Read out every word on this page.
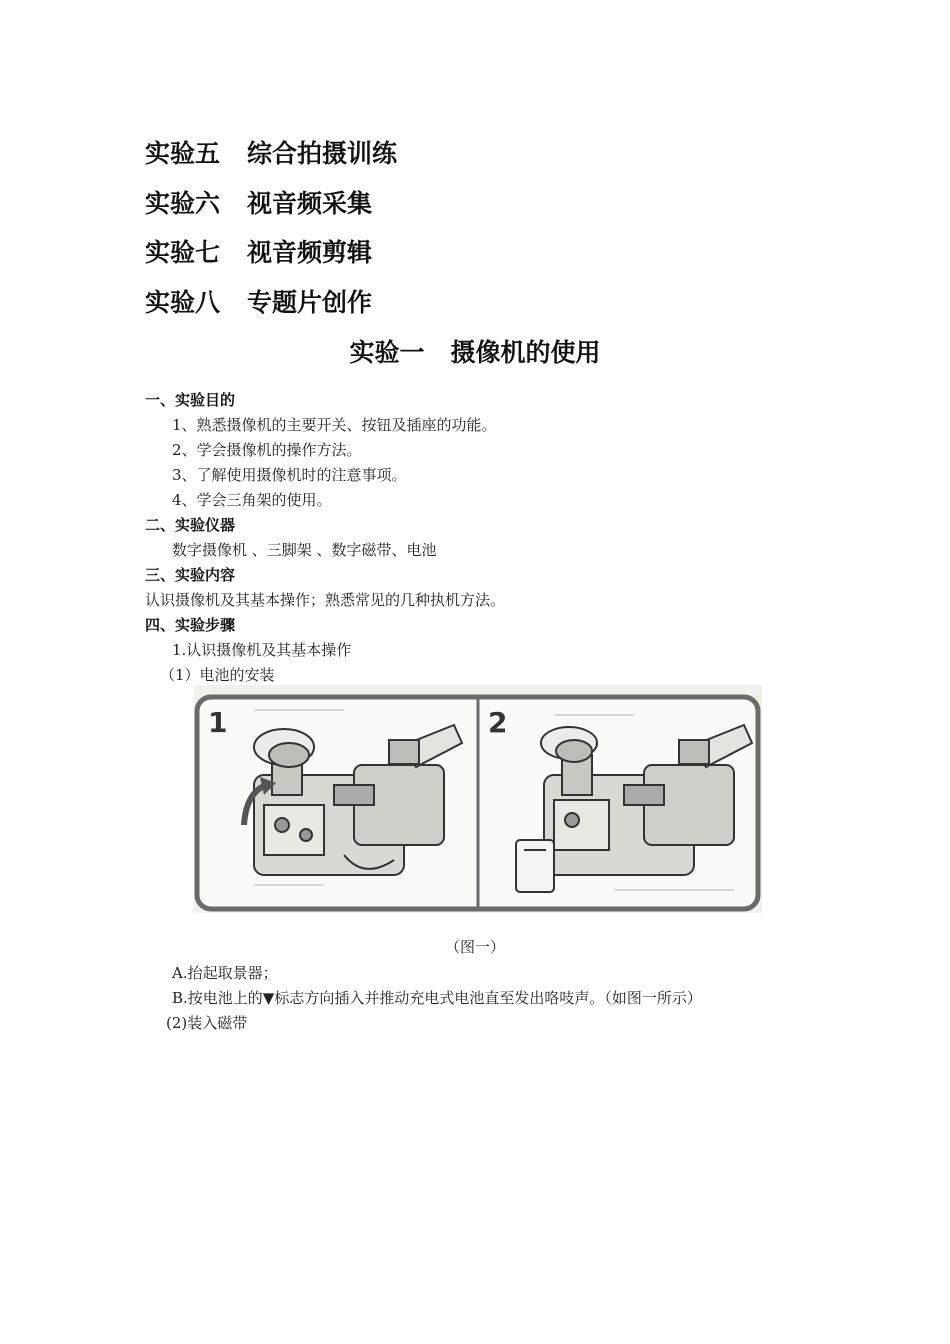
实验五 综合拍摄训练
实验六 视音频采集
实验七 视音频剪辑
实验八 专题片创作
实验一 摄像机的使用
一、实验目的
1、熟悉摄像机的主要开关、按钮及插座的功能。
2、学会摄像机的操作方法。
3、了解使用摄像机时的注意事项。
4、学会三角架的使用。
二、实验仪器
数字摄像机 、三脚架 、数字磁带、电池
三、实验内容
认识摄像机及其基本操作；熟悉常见的几种执机方法。
四、实验步骤
1.认识摄像机及其基本操作
（1）电池的安装
1	2
（图一）
A.抬起取景器；
B.按电池上的▼标志方向插入并推动充电式电池直至发出咯吱声。（如图一所示）
(2)装入磁带
